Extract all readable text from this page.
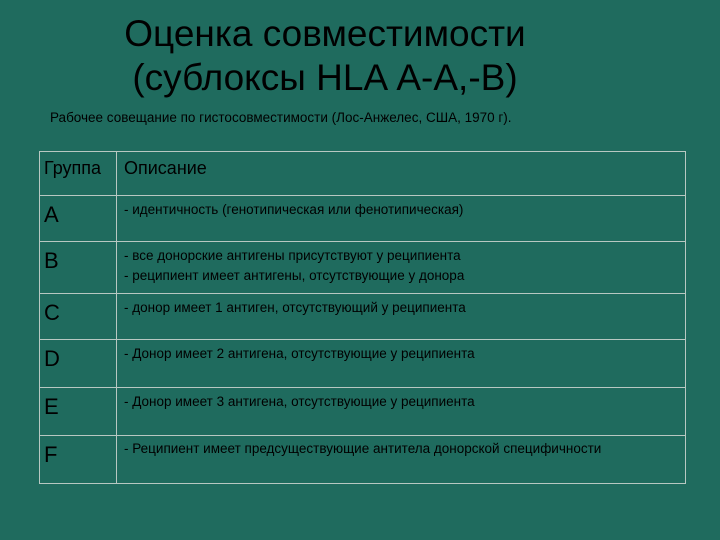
Оценка совместимости
(сублоксы HLA А-А,-В)
Рабочее совещание по гистосовместимости (Лос-Анжелес, США, 1970 г).
Группа	Описание
A	- идентичность (генотипическая или фенотипическая)

B	- все донорские антигены присутствуют у реципиента
- реципиент имеет антигены, отсутствующие у донора

C	- донор имеет 1 антиген, отсутствующий у реципиента

D	- Донор имеет 2 антигена, отсутствующие у реципиента

E	- Донор имеет 3 антигена, отсутствующие у реципиента

F	- Реципиент имеет предсуществующие антитела донорской специфичности
